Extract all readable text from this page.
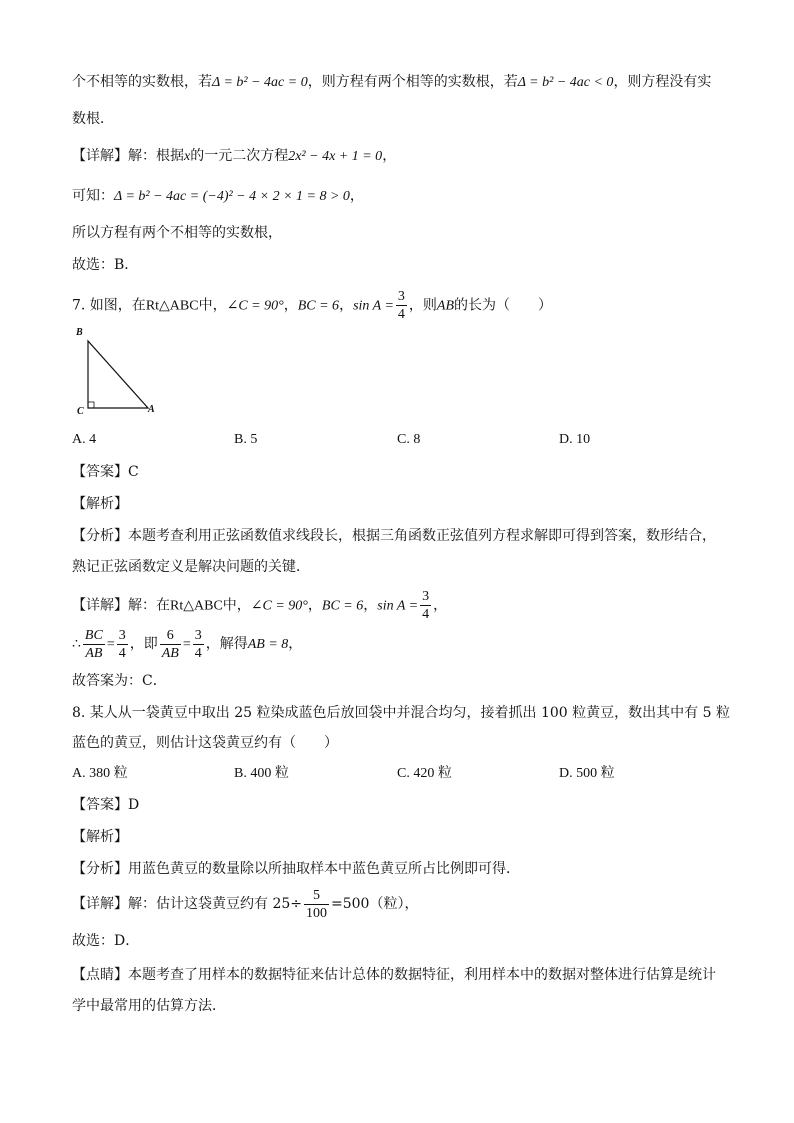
个不相等的实数根，若Δ = b² − 4ac = 0，则方程有两个相等的实数根，若Δ = b² − 4ac < 0，则方程没有实
数根．
【详解】解：根据x的一元二次方程2x² − 4x + 1 = 0，
可知：Δ = b² − 4ac = (−4)² − 4 × 2 × 1 = 8 > 0，
所以方程有两个不相等的实数根，
故选：B．
7. 如图，在Rt△ABC中，∠C = 90°，BC = 6，$\sin A = \frac{3}{4}$ ，则AB的长为（　　）
B
C	A
A. 4	B. 5	C. 8	D. 10
【答案】C
【解析】
【分析】本题考查利用正弦函数值求线段长，根据三角函数正弦值列方程求解即可得到答案，数形结合，
熟记正弦函数定义是解决问题的关键．
【详解】解：在Rt△ABC中，∠C = 90°，BC = 6，$\sin A = \frac{3}{4}$ ，
∴ $\frac{BC}{AB} = \frac{3}{4}$ ，即 $\frac{6}{AB} = \frac{3}{4}$ ，解得AB = 8，
故答案为：C．
8. 某人从一袋黄豆中取出 25 粒染成蓝色后放回袋中并混合均匀，接着抓出 100 粒黄豆，数出其中有 5 粒
蓝色的黄豆，则估计这袋黄豆约有（　　）
A. 380 粒	B. 400 粒	C. 420 粒	D. 500 粒
【答案】D
【解析】
【分析】用蓝色黄豆的数量除以所抽取样本中蓝色黄豆所占比例即可得．
【详解】解：估计这袋黄豆约有 $25\div \frac{5}{100} =500$（粒），
故选：D．
【点睛】本题考查了用样本的数据特征来估计总体的数据特征，利用样本中的数据对整体进行估算是统计
学中最常用的估算方法．
